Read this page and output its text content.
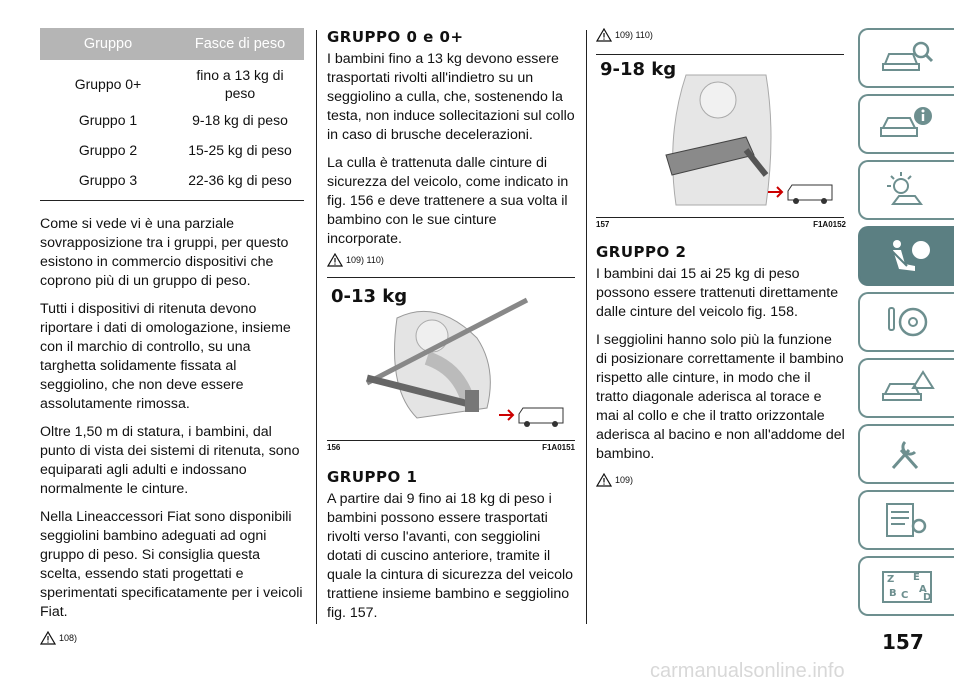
Gruppo	Fasce di peso
Gruppo 0+	fino a 13 kg di peso
Gruppo 1	9-18 kg di peso
Gruppo 2	15-25 kg di peso
Gruppo 3	22-36 kg di peso

Come si vede vi è una parziale sovrapposizione tra i gruppi, per questo esistono in commercio dispositivi che coprono più di un gruppo di peso.

Tutti i dispositivi di ritenuta devono riportare i dati di omologazione, insieme con il marchio di controllo, su una targhetta solidamente fissata al seggiolino, che non deve essere assolutamente rimossa.

Oltre 1,50 m di statura, i bambini, dal punto di vista dei sistemi di ritenuta, sono equiparati agli adulti e indossano normalmente le cinture.

Nella Lineaccessori Fiat sono disponibili seggiolini bambino adeguati ad ogni gruppo di peso. Si consiglia questa scelta, essendo stati progettati e sperimentati specificatamente per i veicoli Fiat.

108)
GRUPPO 0 e 0+

I bambini fino a 13 kg devono essere trasportati rivolti all'indietro su un seggiolino a culla, che, sostenendo la testa, non induce sollecitazioni sul collo in caso di brusche decelerazioni.

La culla è trattenuta dalle cinture di sicurezza del veicolo, come indicato in fig. 156 e deve trattenere a sua volta il bambino con le sue cinture incorporate.

109) 110)
0-13 kg
156	F1A0151
GRUPPO 1

A partire dai 9 fino ai 18 kg di peso i bambini possono essere trasportati rivolti verso l'avanti, con seggiolini dotati di cuscino anteriore, tramite il quale la cintura di sicurezza del veicolo trattiene insieme bambino e seggiolino fig. 157.

109) 110)
9-18 kg
157	F1A0152
GRUPPO 2

I bambini dai 15 ai 25 kg di peso possono essere trattenuti direttamente dalle cinture del veicolo fig. 158.

I seggiolini hanno solo più la funzione di posizionare correttamente il bambino rispetto alle cinture, in modo che il tratto diagonale aderisca al torace e mai al collo e che il tratto orizzontale aderisca al bacino e non all'addome del bambino.

109)
Z E
A
B C D
157
carmanualsonline.info
